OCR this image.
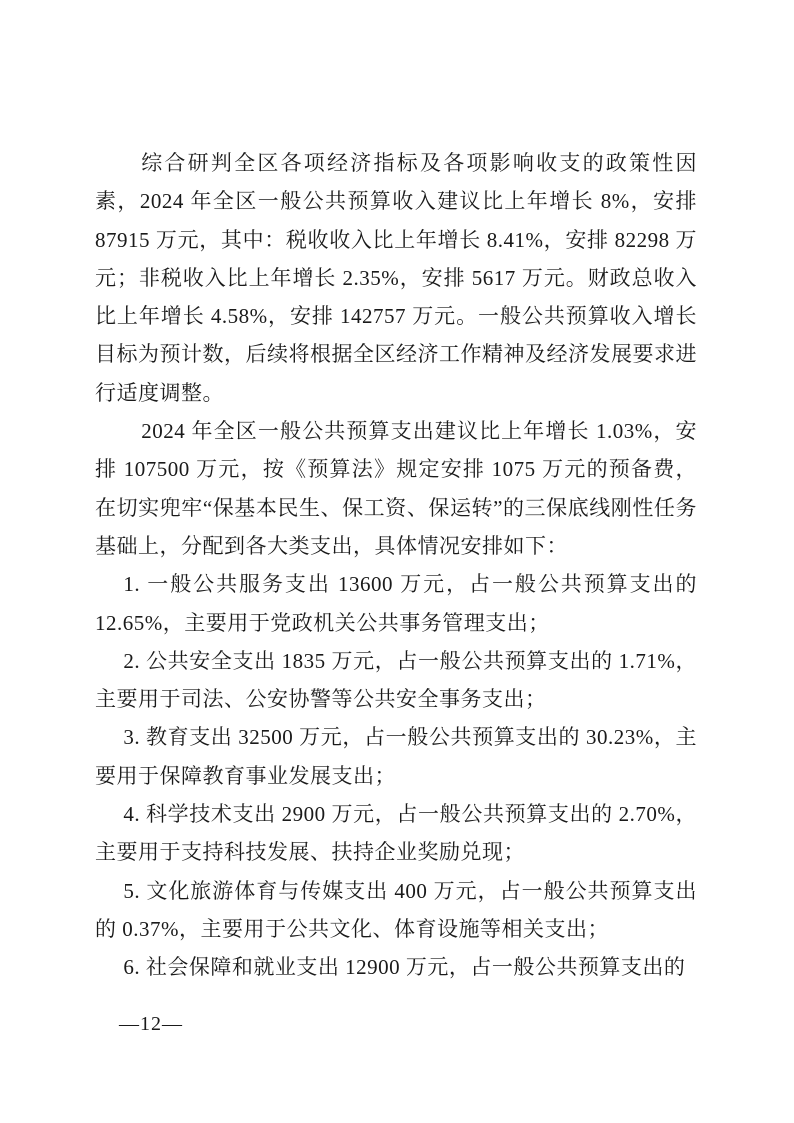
综合研判全区各项经济指标及各项影响收支的政策性因素，2024 年全区一般公共预算收入建议比上年增长 8%，安排 87915 万元，其中：税收收入比上年增长 8.41%，安排 82298 万元；非税收入比上年增长 2.35%，安排 5617 万元。财政总收入比上年增长 4.58%，安排 142757 万元。一般公共预算收入增长目标为预计数，后续将根据全区经济工作精神及经济发展要求进行适度调整。

2024 年全区一般公共预算支出建议比上年增长 1.03%，安排 107500 万元，按《预算法》规定安排 1075 万元的预备费，在切实兜牢“保基本民生、保工资、保运转”的三保底线刚性任务基础上，分配到各大类支出，具体情况安排如下：

1. 一般公共服务支出 13600 万元，占一般公共预算支出的 12.65%，主要用于党政机关公共事务管理支出；

2. 公共安全支出 1835 万元，占一般公共预算支出的 1.71%，主要用于司法、公安协警等公共安全事务支出；

3. 教育支出 32500 万元，占一般公共预算支出的 30.23%，主要用于保障教育事业发展支出；

4. 科学技术支出 2900 万元，占一般公共预算支出的 2.70%，主要用于支持科技发展、扶持企业奖励兑现；

5. 文化旅游体育与传媒支出 400 万元，占一般公共预算支出的 0.37%，主要用于公共文化、体育设施等相关支出；

6. 社会保障和就业支出 12900 万元，占一般公共预算支出的

—12—
